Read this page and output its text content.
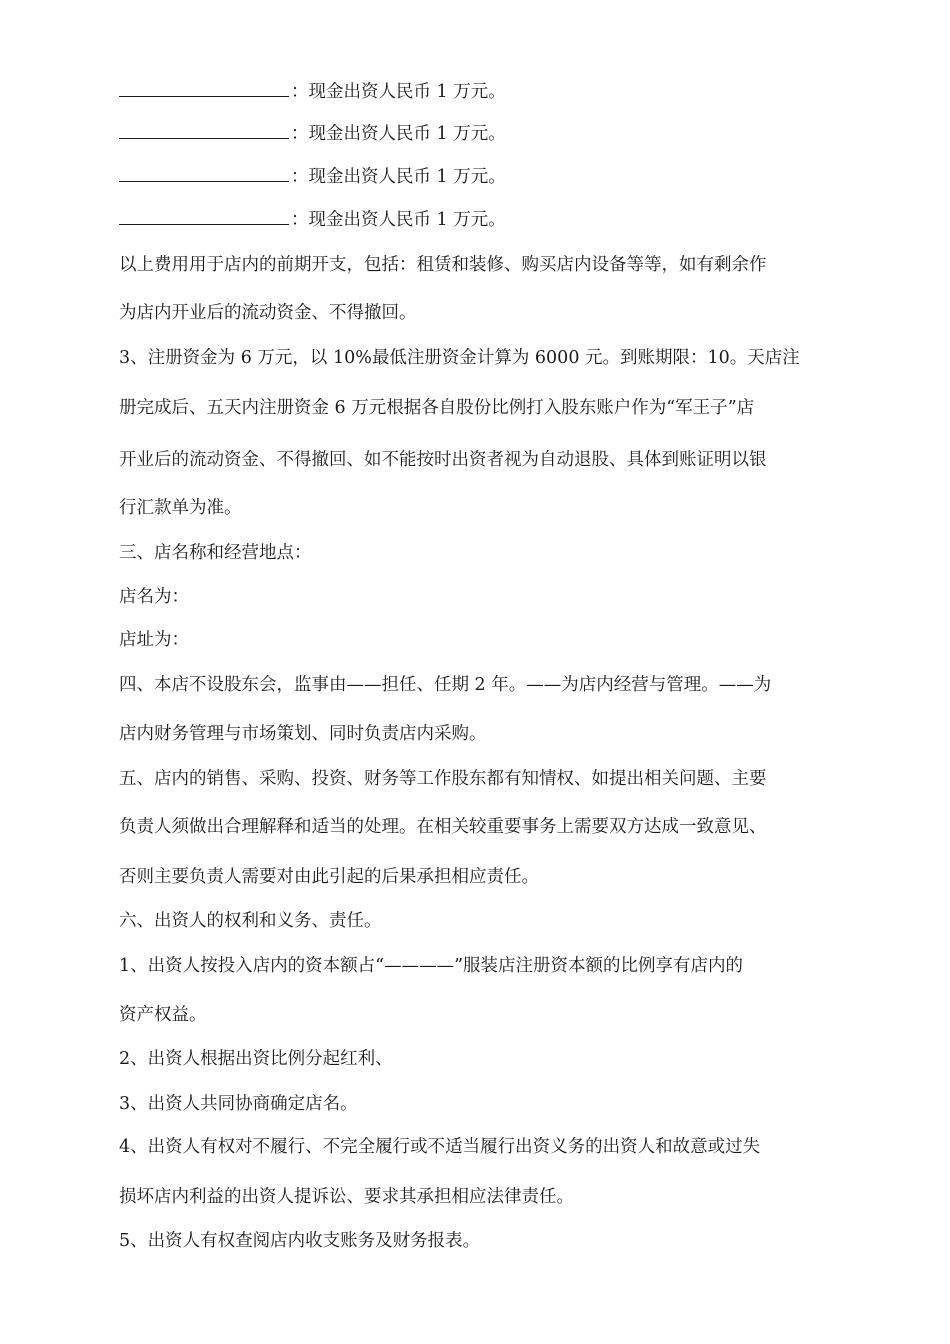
：现金出资人民币 1 万元。
：现金出资人民币 1 万元。
：现金出资人民币 1 万元。
：现金出资人民币 1 万元。
以上费用用于店内的前期开支，包括：租赁和装修、购买店内设备等等，如有剩余作
为店内开业后的流动资金、不得撤回。
3、注册资金为 6 万元，以 10%最低注册资金计算为 6000 元。到账期限：10。天店注
册完成后、五天内注册资金 6 万元根据各自股份比例打入股东账户作为“军王子”店
开业后的流动资金、不得撤回、如不能按时出资者视为自动退股、具体到账证明以银
行汇款单为准。
三、店名称和经营地点：
店名为：
店址为：
四、本店不设股东会，监事由——担任、任期 2 年。——为店内经营与管理。——为
店内财务管理与市场策划、同时负责店内采购。
五、店内的销售、采购、投资、财务等工作股东都有知情权、如提出相关问题、主要
负责人须做出合理解释和适当的处理。在相关较重要事务上需要双方达成一致意见、
否则主要负责人需要对由此引起的后果承担相应责任。
六、出资人的权利和义务、责任。
1、出资人按投入店内的资本额占“————”服装店注册资本额的比例享有店内的
资产权益。
2、出资人根据出资比例分起红利、
3、出资人共同协商确定店名。
4、出资人有权对不履行、不完全履行或不适当履行出资义务的出资人和故意或过失
损坏店内利益的出资人提诉讼、要求其承担相应法律责任。
5、出资人有权查阅店内收支账务及财务报表。
